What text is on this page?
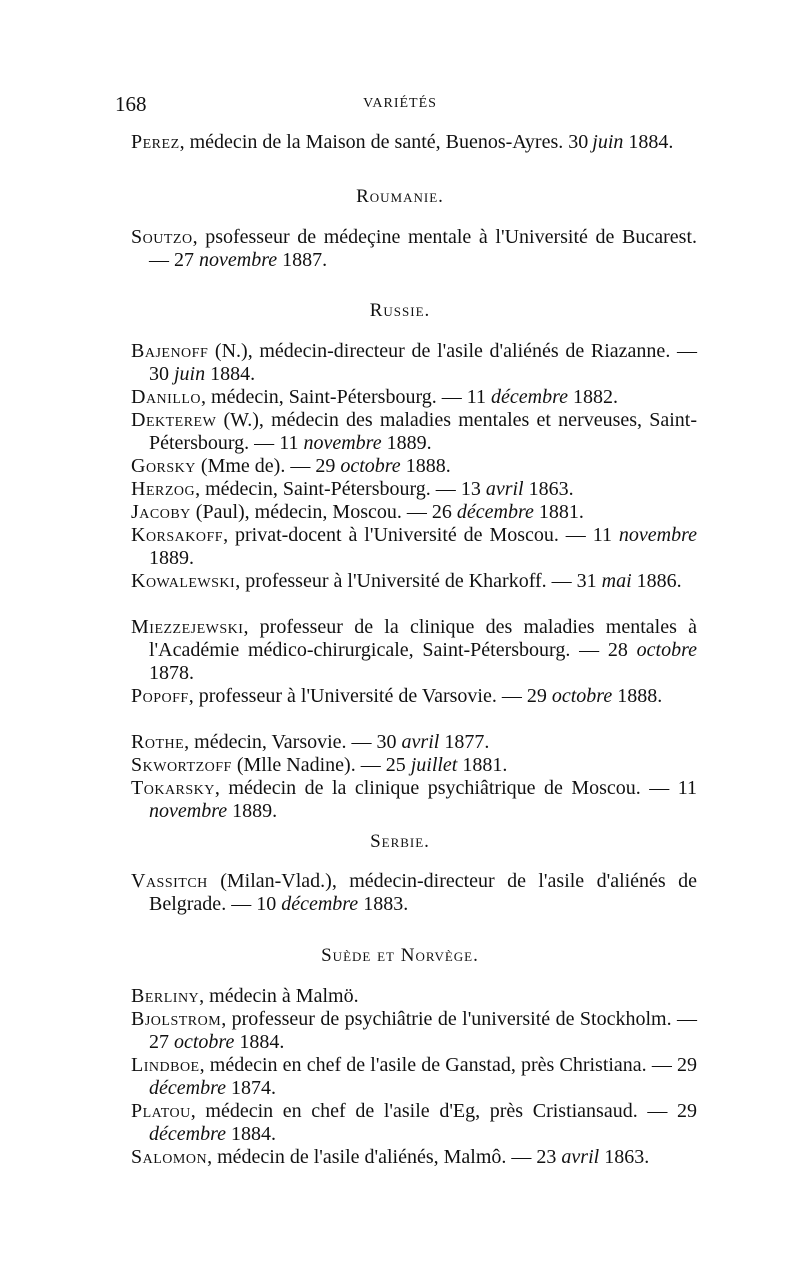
168	VARIÉTÉS
Perez, médecin de la Maison de santé, Buenos-Ayres. 30  juin 1884.
Roumanie.
Soutzo, psofesseur de médeçine mentale à l'Université de Bucarest. — 27 novembre 1887.
Russie.
Bajenoff (N.), médecin-directeur de l'asile d'aliénés de Riazanne. — 30 juin 1884.
Danillo, médecin, Saint-Pétersbourg. — 11 décembre 1882.
Dekterew (W.), médecin des maladies mentales et nerveuses, Saint-Pétersbourg. — 11 novembre 1889.
Gorsky (Mme de). — 29 octobre 1888.
Herzog, médecin, Saint-Pétersbourg. — 13 avril 1863.
Jacoby (Paul), médecin, Moscou. — 26 décembre 1881.
Korsakoff, privat-docent à l'Université de Moscou. — 11 novembre 1889.
Kowalewski, professeur à l'Université de Kharkoff. — 31 mai 1886.
Miezzejewski, professeur de la clinique des maladies mentales à l'Académie médico-chirurgicale, Saint-Pétersbourg. — 28 octobre 1878.
Popoff, professeur à l'Université de Varsovie. — 29 octobre 1888.
Rothe, médecin, Varsovie. — 30 avril 1877.
Skwortzoff (Mlle Nadine). — 25 juillet 1881.
Tokarsky, médecin de la clinique psychiâtrique de Moscou. — 11 novembre 1889.
Serbie.
Vassitch (Milan-Vlad.), médecin-directeur de l'asile d'aliénés de Belgrade. — 10 décembre 1883.
Suède et Norvège.
Berliny, médecin à Malmö.
Bjolstrom, professeur de psychiâtrie de l'université de Stockholm. — 27 octobre 1884.
Lindboe, médecin en chef de l'asile de Ganstad, près Christiana. — 29 décembre 1874.
Platou, médecin en chef de l'asile d'Eg, près Cristiansaud. — 29 décembre 1884.
Salomon, médecin de l'asile d'aliénés, Malmô. — 23 avril 1863.
